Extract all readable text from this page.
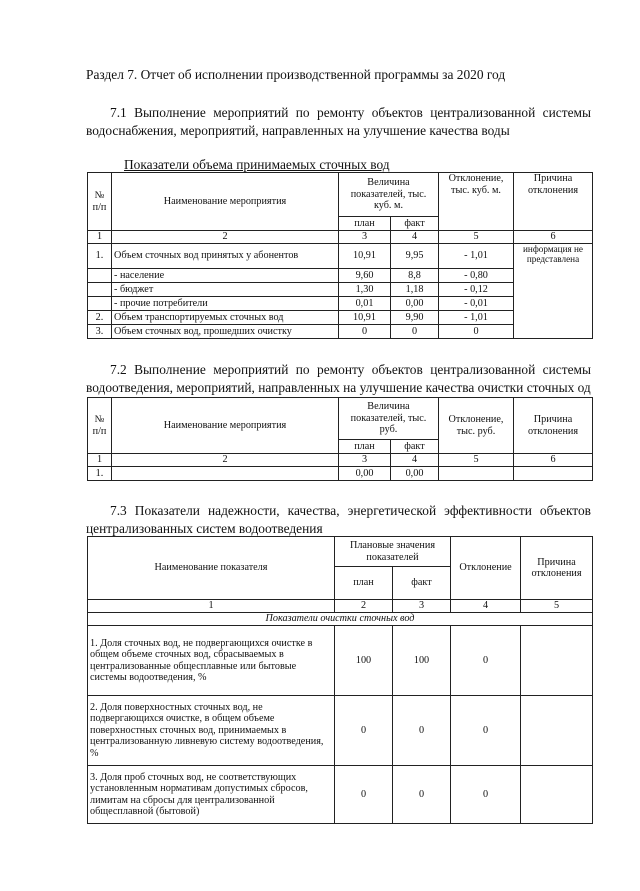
Раздел 7. Отчет об исполнении производственной программы за 2020 год
7.1 Выполнение мероприятий по ремонту объектов централизованной системы водоснабжения, мероприятий, направленных на улучшение качества воды
Показатели объема принимаемых сточных вод
№ п/п	Наименование мероприятия	Величина показателей, тыс. куб. м.		Отклонение, тыс. куб. м.	Причина отклонения
		план	факт		

1	2	3	4	5	6
1.	Объем сточных вод принятых у абонентов	10,91	9,95	- 1,01	информация не представлена
	- население	9,60	8,8	- 0,80	
	- бюджет	1,30	1,18	- 0,12	
	- прочие потребители	0,01	0,00	- 0,01	
2.	Объем транспортируемых сточных вод	10,91	9,90	- 1,01	
3.	Объем сточных вод, прошедших очистку	0	0	0	
7.2 Выполнение мероприятий по ремонту объектов централизованной системы водоотведения, мероприятий, направленных на улучшение качества очистки сточных од
№ п/п	Наименование мероприятия	Величина показателей, тыс. руб.		Отклонение, тыс. руб.	Причина отклонения
		план	факт		
1	2	3	4	5	6
1.		0,00	0,00		
7.3 Показатели надежности, качества, энергетической эффективности объектов централизованных систем водоотведения
Наименование показателя	Плановые значения показателей		Отклонение	Причина отклонения
	план	факт		
1	2	3	4	5
Показатели очистки сточных вод				
1. Доля сточных вод, не подвергающихся очистке в общем объеме сточных вод, сбрасываемых в централизованные общесплавные или бытовые системы водоотведения, %	100	100	0	
2. Доля поверхностных сточных вод, не подвергающихся очистке, в общем объеме поверхностных сточных вод, принимаемых в централизованную ливневую систему водоотведения, %	0	0	0	
3. Доля проб сточных вод, не соответствующих установленным нормативам допустимых сбросов, лимитам на сбросы для централизованной общесплавной (бытовой)	0	0	0	
